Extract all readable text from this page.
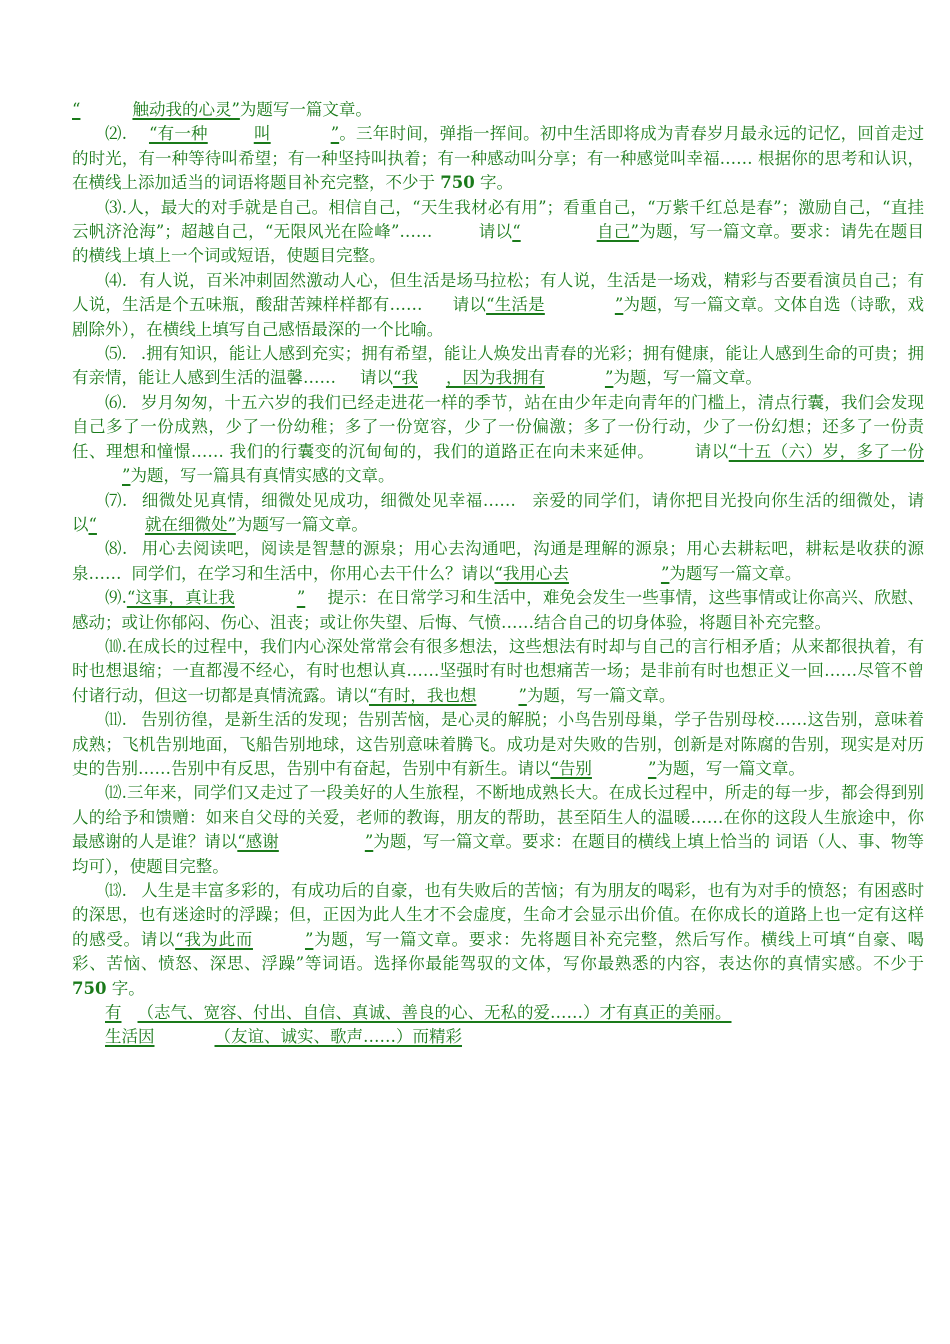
“	触动我的心灵”为题写一篇文章。

⑵. “有一种	叫	”。三年时间，弹指一挥间。初中生活即将成为青春岁月最永远的记忆，回首走过的时光，有一种等待叫希望；有一种坚持叫执着；有一种感动叫分享；有一种感觉叫幸福…… 根据你的思考和认识，在横线上添加适当的词语将题目补充完整，不少于 750 字。

⑶.人，最大的对手就是自己。相信自己，“天生我材必有用”；看重自己，“万紫千红总是春”；激励自己，“直挂云帆济沧海”；超越自己，“无限风光在险峰”……	请以“	自己”为题，写一篇文章。要求：请先在题目的横线上填上一个词或短语，使题目完整。

⑷. 有人说，百米冲刺固然激动人心，但生活是场马拉松；有人说，生活是一场戏，精彩与否要看演员自己；有人说，生活是个五味瓶，酸甜苦辣样样都有…… 请以“生活是	”为题，写一篇文章。文体自选（诗歌，戏剧除外），在横线上填写自己感悟最深的一个比喻。

⑸. .拥有知识，能让人感到充实；拥有希望，能让人焕发出青春的光彩；拥有健康，能让人感到生命的可贵；拥有亲情，能让人感到生活的温馨…… 请以“我 ，因为我拥有	”为题，写一篇文章。

⑹. 岁月匆匆，十五六岁的我们已经走进花一样的季节，站在由少年走向青年的门槛上，清点行囊，我们会发现自己多了一份成熟，少了一份幼稚；多了一份宽容，少了一份偏激；多了一份行动，少了一份幻想；还多了一份责任、理想和憧憬…… 我们的行囊变的沉甸甸的，我们的道路正在向未来延伸。 请以“十五（六）岁，多了一份”为题，写一篇具有真情实感的文章。

⑺. 细微处见真情，细微处见成功，细微处见幸福…… 亲爱的同学们，请你把目光投向你生活的细微处，请以“	就在细微处”为题写一篇文章。

⑻. 用心去阅读吧，阅读是智慧的源泉；用心去沟通吧，沟通是理解的源泉；用心去耕耘吧，耕耘是收获的源泉…… 同学们，在学习和生活中，你用心去干什么？请以“我用心去	”为题写一篇文章。

⑼.“这事，真让我	” 提示：在日常学习和生活中，难免会发生一些事情，这些事情或让你高兴、欣慰、感动；或让你郁闷、伤心、沮丧；或让你失望、后悔、气愤……结合自己的切身体验，将题目补充完整。

⑽.在成长的过程中，我们内心深处常常会有很多想法，这些想法有时却与自己的言行相矛盾；从来都很执着，有时也想退缩；一直都漫不经心，有时也想认真……坚强时有时也想痛苦一场；是非前有时也想正义一回……尽管不曾付诸行动，但这一切都是真情流露。请以“有时，我也想	”为题，写一篇文章。

⑾. 告别彷徨，是新生活的发现；告别苦恼，是心灵的解脱；小鸟告别母巢，学子告别母校……这告别，意味着成熟；飞机告别地面，飞船告别地球，这告别意味着腾飞。成功是对失败的告别，创新是对陈腐的告别，现实是对历史的告别……告别中有反思，告别中有奋起，告别中有新生。请以“告别	”为题，写一篇文章。

⑿.三年来，同学们又走过了一段美好的人生旅程，不断地成熟长大。在成长过程中，所走的每一步，都会得到别人的给予和馈赠：如来自父母的关爱，老师的教诲，朋友的帮助，甚至陌生人的温暖……在你的这段人生旅途中，你最感谢的人是谁？请以“感谢	”为题，写一篇文章。要求：在题目的横线上填上恰当的 词语（人、事、物等均可），使题目完整。

⒀. 人生是丰富多彩的，有成功后的自豪，也有失败后的苦恼；有为朋友的喝彩，也有为对手的愤怒；有困惑时的深思，也有迷途时的浮躁；但，正因为此人生才不会虚度，生命才会显示出价值。在你成长的道路上也一定有这样的感受。请以“我为此而	”为题，写一篇文章。要求：先将题目补充完整，然后写作。横线上可填“自豪、喝彩、苦恼、愤怒、深思、浮躁”等词语。选择你最能驾驭的文体，写你最熟悉的内容，表达你的真情实感。不少于 750 字。

有 （志气、宽容、付出、自信、真诚、善良的心、无私的爱……）才有真正的美丽。

生活因	（友谊、诚实、歌声……）而精彩
